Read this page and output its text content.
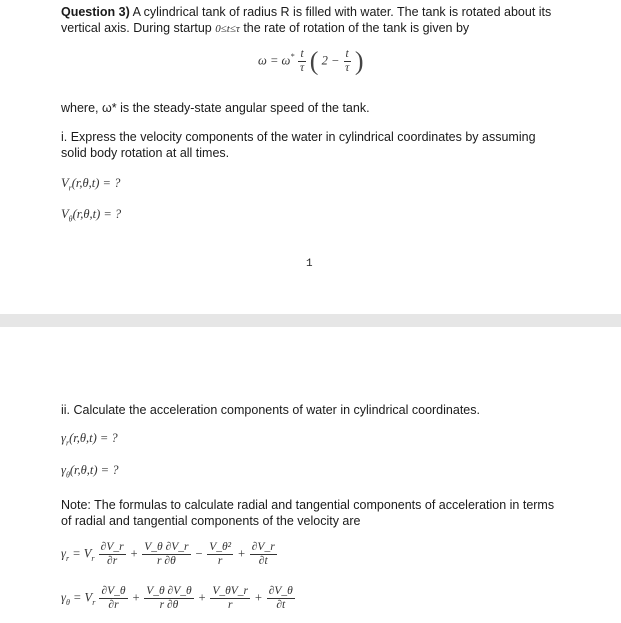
Question 3) A cylindrical tank of radius R is filled with water. The tank is rotated about its vertical axis. During startup 0≤t≤τ the rate of rotation of the tank is given by

$\omega = \omega^* \frac{t}{\tau}$ ( $2 - \frac{t}{\tau}$ )

where, ω* is the steady-state angular speed of the tank.

i. Express the velocity components of the water in cylindrical coordinates by assuming solid body rotation at all times.

$V_r(r,\theta,t)$ = ?
$V_\theta(r,\theta,t)$ = ?
1

ii. Calculate the acceleration components of water in cylindrical coordinates.

$\gamma_r(r,\theta,t)$ = ?
$\gamma_\theta(r,\theta,t)$ = ?

Note: The formulas to calculate radial and tangential components of acceleration in terms of radial and tangential components of the velocity are

$\gamma_r = V_r \frac{\partial V\_r}{\partial r} + \frac{V\_\theta \partial V\_r}{r \partial\theta} - \frac{\text{V\_θ²}}{r} + \frac{\partial V\_r}{\partial t}$
$\gamma_\theta = V_r \frac{\partial V\_\theta}{\partial r} + \frac{V\_\theta \partial V\_\theta}{r \partial\theta} + \frac{V\_\theta V\_r}{r} + \frac{\partial V\_\theta}{\partial t}$
